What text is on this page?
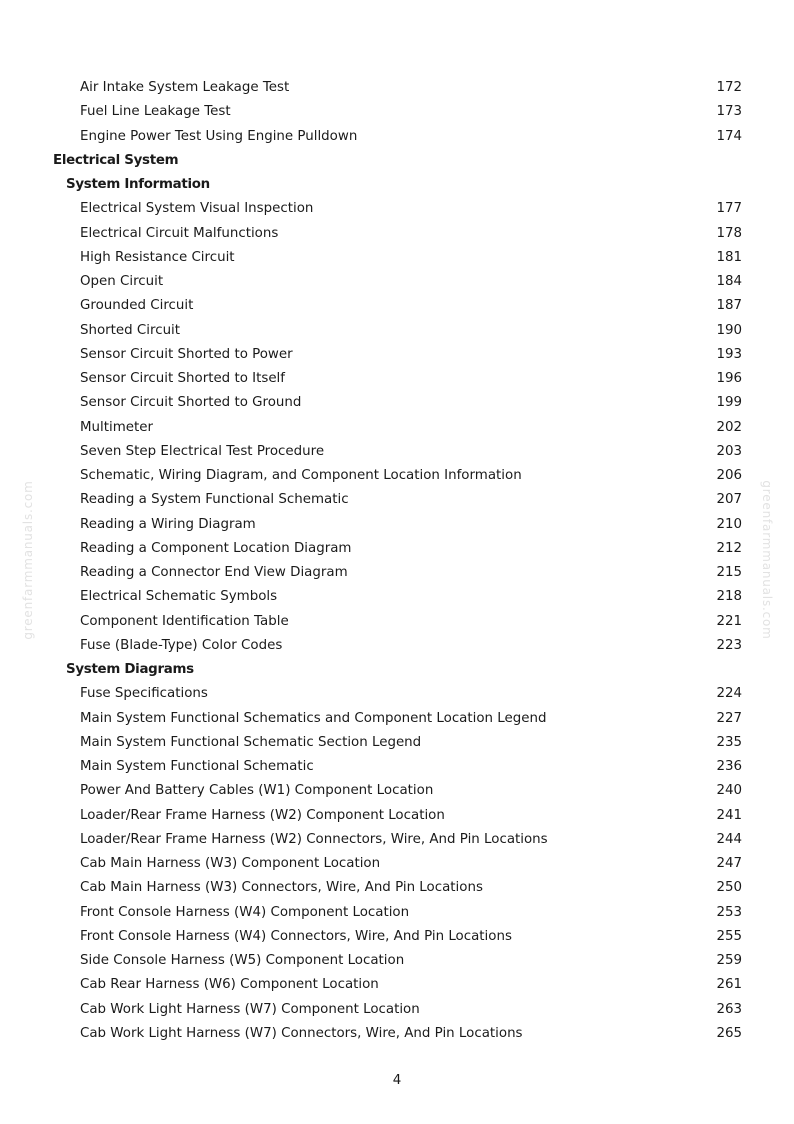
greenfarmmanuals.com	greenfarmmanuals.com
Air Intake System Leakage Test	172
Fuel Line Leakage Test	173
Engine Power Test Using Engine Pulldown	174
Electrical System
System Information
Electrical System Visual Inspection	177
Electrical Circuit Malfunctions	178
High Resistance Circuit	181
Open Circuit	184
Grounded Circuit	187
Shorted Circuit	190
Sensor Circuit Shorted to Power	193
Sensor Circuit Shorted to Itself	196
Sensor Circuit Shorted to Ground	199
Multimeter	202
Seven Step Electrical Test Procedure	203
Schematic, Wiring Diagram, and Component Location Information	206
Reading a System Functional Schematic	207
Reading a Wiring Diagram	210
Reading a Component Location Diagram	212
Reading a Connector End View Diagram	215
Electrical Schematic Symbols	218
Component Identification Table	221
Fuse (Blade-Type) Color Codes	223
System Diagrams
Fuse Specifications	224
Main System Functional Schematics and Component Location Legend	227
Main System Functional Schematic Section Legend	235
Main System Functional Schematic	236
Power And Battery Cables (W1) Component Location	240
Loader/Rear Frame Harness (W2) Component Location	241
Loader/Rear Frame Harness (W2) Connectors, Wire, And Pin Locations	244
Cab Main Harness (W3) Component Location	247
Cab Main Harness (W3) Connectors, Wire, And Pin Locations	250
Front Console Harness (W4) Component Location	253
Front Console Harness (W4) Connectors, Wire, And Pin Locations	255
Side Console Harness (W5) Component Location	259
Cab Rear Harness (W6) Component Location	261
Cab Work Light Harness (W7) Component Location	263
Cab Work Light Harness (W7) Connectors, Wire, And Pin Locations	265
4
